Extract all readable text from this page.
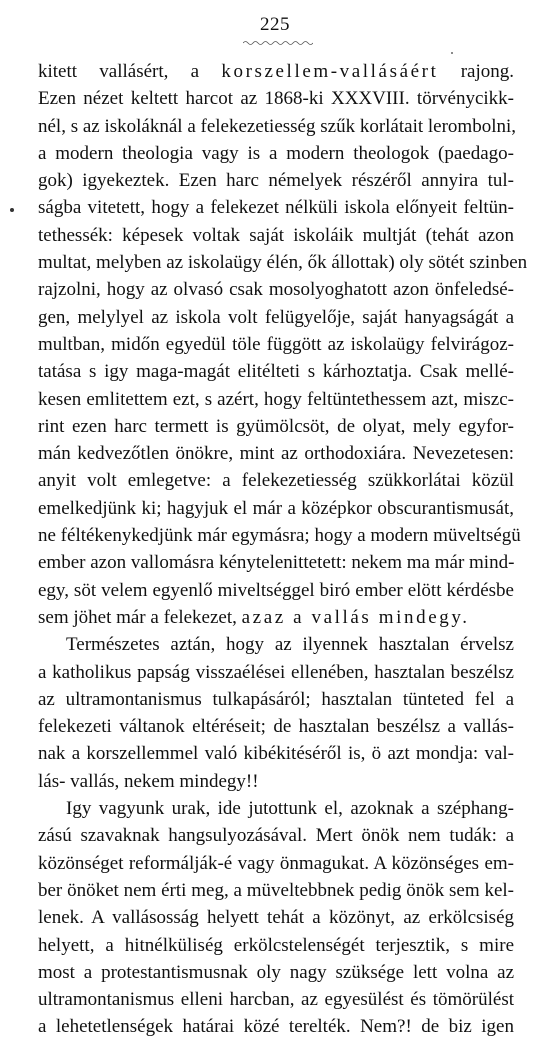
225
kitett vallásért, a korszellem-vallásáért rajong.
Ezen nézet keltett harcot az 1868-ki XXXVIII. törvénycikk-
nél, s az iskoláknál a felekezetiesség szűk korlátait lerombolni,
a modern theologia vagy is a modern theologok (paedago-
gok) igyekeztek. Ezen harc némelyek részéről annyira tul-
ságba vitetett, hogy a felekezet nélküli iskola előnyeit feltün-
tethessék: képesek voltak saját iskoláik multját (tehát azon
multat, melyben az iskolaügy élén, ők állottak) oly sötét szinben
rajzolni, hogy az olvasó csak mosolyoghatott azon önfeledsé-
gen, melylyel az iskola volt felügyelője, saját hanyagságát a
multban, midőn egyedül töle függött az iskolaügy felvirágoz-
tatása s igy maga-magát elitélteti s kárhoztatja. Csak mellé-
kesen emlitettem ezt, s azért, hogy feltüntethessem azt, miszc-
rint ezen harc termett is gyümölcsöt, de olyat, mely egyfor-
mán kedvezőtlen önökre, mint az orthodoxiára. Nevezetesen:
anyit volt emlegetve: a felekezetiesség szükkorlátai közül
emelkedjünk ki; hagyjuk el már a középkor obscurantismusát,
ne féltékenykedjünk már egymásra; hogy a modern müveltségü
ember azon vallomásra kénytelenittetett: nekem ma már mind-
egy, söt velem egyenlő miveltséggel biró ember elött kérdésbe
sem jöhet már a felekezet, azaz a vallás mindegy.
Természetes aztán, hogy az ilyennek hasztalan érvelsz
a katholikus papság visszaélései ellenében, hasztalan beszélsz
az ultramontanismus tulkapásáról; hasztalan tünteted fel a
felekezeti váltanok eltéréseit; de hasztalan beszélsz a vallás-
nak a korszellemmel való kibékitéséről is, ö azt mondja: val-
lás- vallás, nekem mindegy!!
Igy vagyunk urak, ide jutottunk el, azoknak a széphang-
zású szavaknak hangsulyozásával. Mert önök nem tudák: a
közönséget reformálják-é vagy önmagukat. A közönséges em-
ber önöket nem érti meg, a müveltebbnek pedig önök sem kel-
lenek. A vallásosság helyett tehát a közönyt, az erkölcsiség
helyett, a hitnélküliség erkölcstelenségét terjesztik, s mire
most a protestantismusnak oly nagy szüksége lett volna az
ultramontanismus elleni harcban, az egyesülést és tömörülést
a lehetetlenségek határai közé terelték. Nem?! de biz igen
